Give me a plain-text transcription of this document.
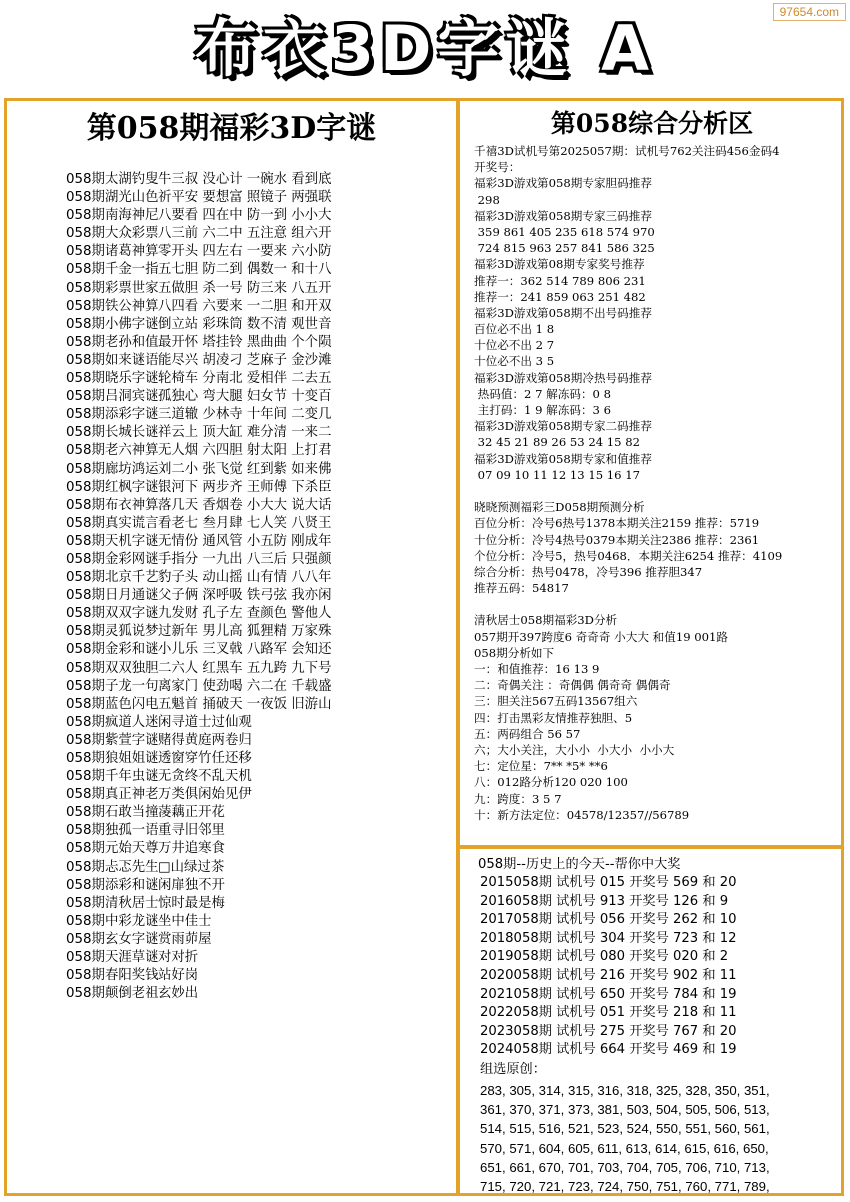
97654.com
布衣3D字谜 A
第058期福彩3D字谜
058期太湖钓叟牛三叔 没心计 一碗水 看到底
058期湖光山色祈平安 要想富 照镜子 两强联
058期南海神尼八要看 四在中 防一到 小小大
058期大众彩票八三前 六二中 五注意 组六开
058期诸葛神算零开头 四左右 一要来 六小防
058期千金一指五七胆 防二到 偶数一 和十八
058期彩票世家五做胆 杀一号 防三来 八五开
058期铁公神算八四看 六要来 一二胆 和开双
058期小佛字谜倒立站 彩珠筒 数不清 观世音
058期老孙和值最开怀 塔挂铃 黑曲曲 个个陨
058期如来谜语能尽兴 胡凌刁 芝麻子 金沙滩
058期晓乐字谜轮椅车 分南北 爱相伴 二去五
058期吕洞宾谜孤独心 弯大腿 妇女节 十变百
058期添彩字谜三道辙 少林寺 十年间 二变几
058期长城长谜祥云上 顶大缸 难分清 一来二
058期老六神算无人烟 六四胆 射太阳 上打君
058期廊坊鸿运刘二小 张飞觉 红到紫 如来佛
058期红枫字谜银河下 两步齐 王师傅 下杀臣
058期布衣神算落几天 香烟卷 小大大 说大话
058期真实谎言看老七 叁月肆 七人笑 八贤王
058期天机字谜无情份 通风管 小五防 刚成年
058期金彩网谜手指分 一九出 八三后 只强颜
058期北京千艺豹子头 动山摇 山有情 八八年
058期日月通谜父子俩 深呼吸 铁弓弦 我亦闲
058期双双字谜九发财 孔子左 查颜色 警他人
058期灵狐说梦过新年 男儿高 狐狸精 万家殊
058期金彩和谜小儿乐 三叉戟 八路军 会知还
058期双双独胆二六人 红黑车 五九跨 九下号
058期子龙一句离家门 使劲喝 六二在 千载盛
058期蓝色闪电五魁首 捅破天 一夜饭 旧游山
058期疯道人迷闲寻道士过仙观
058期紫萱字谜赌得黄庭两卷归
058期狼姐姐谜透窗穿竹任还移
058期千年虫谜无贪终不乱天机
058期真正神老万类俱闲始见伊
058期石敢当撞蓤藕正开花
058期独孤一语重寻旧邻里
058期元始天尊万井追寒食
058期忐忑先生□山绿过茶
058期添彩和谜闲扉独不开
058期清秋居士惊时最是梅
058期中彩龙谜坐中佳士
058期玄女字谜赏雨茆屋
058期天涯草谜对对折
058期春阳奖钱站好岗
058期颠倒老祖玄妙出
第058综合分析区
千禧3D试机号第2025057期：试机号762关注码456金码4
开奖号：
福彩3D游戏第058期专家胆码推荐
298
福彩3D游戏第058期专家三码推荐
359 861 405 235 618 574 970
724 815 963 257 841 586 325
福彩3D游戏第08期专家奖号推荐
推荐一：362 514 789 806 231
推荐一：241 859 063 251 482
福彩3D游戏第058期不出号码推荐
百位必不出 1 8
十位必不出 2 7
十位必不出 3 5
福彩3D游戏第058期冷热号码推荐
热码值：2 7 解冻码：0 8
主打码：1 9 解冻码：3 6
福彩3D游戏第058期专家二码推荐
32 45 21 89 26 53 24 15 82
福彩3D游戏第058期专家和值推荐
07 09 10 11 12 13 15 16 17
晓晓预测福彩三D058期预测分析
百位分析：冷号6热号1378本期关注2159 推荐：5719
十位分析：冷号4热号0379本期关注2386 推荐：2361
个位分析：冷号5，热号0468．本期关注6254 推荐：4109
综合分析：热号0478，冷号396 推荐胆347
推荐五码：54817
清秋居士058期福彩3D分析
057期开397跨度6 奇奇奇 小大大 和值19 001路
058期分析如下
一：和值推荐：16 13 9
二：奇偶关注 ：奇偶偶 偶奇奇 偶偶奇
三：胆关注567五码13567组六
四：打击黑彩友情推荐独胆、5
五：两码组合 56 57
六；大小关注，大小小  小大小  小小大
七：定位星：7** *5* **6
八：012路分析120 020 100
九：跨度：3 5 7
十：新方法定位：04578/12357//56789
058期--历史上的今天--帮你中大奖
2015058期 试机号 015 开奖号 569 和 20
2016058期 试机号 913 开奖号 126 和 9
2017058期 试机号 056 开奖号 262 和 10
2018058期 试机号 304 开奖号 723 和 12
2019058期 试机号 080 开奖号 020 和 2
2020058期 试机号 216 开奖号 902 和 11
2021058期 试机号 650 开奖号 784 和 19
2022058期 试机号 051 开奖号 218 和 11
2023058期 试机号 275 开奖号 767 和 20
2024058期 试机号 664 开奖号 469 和 19
组选原创：
283, 305, 314, 315, 316, 318, 325, 328, 350, 351,
361, 370, 371, 373, 381, 503, 504, 505, 506, 513,
514, 515, 516, 521, 523, 524, 550, 551, 560, 561,
570, 571, 604, 605, 611, 613, 614, 615, 616, 650,
651, 661, 670, 701, 703, 704, 705, 706, 710, 713,
715, 720, 721, 723, 724, 750, 751, 760, 771, 789,
